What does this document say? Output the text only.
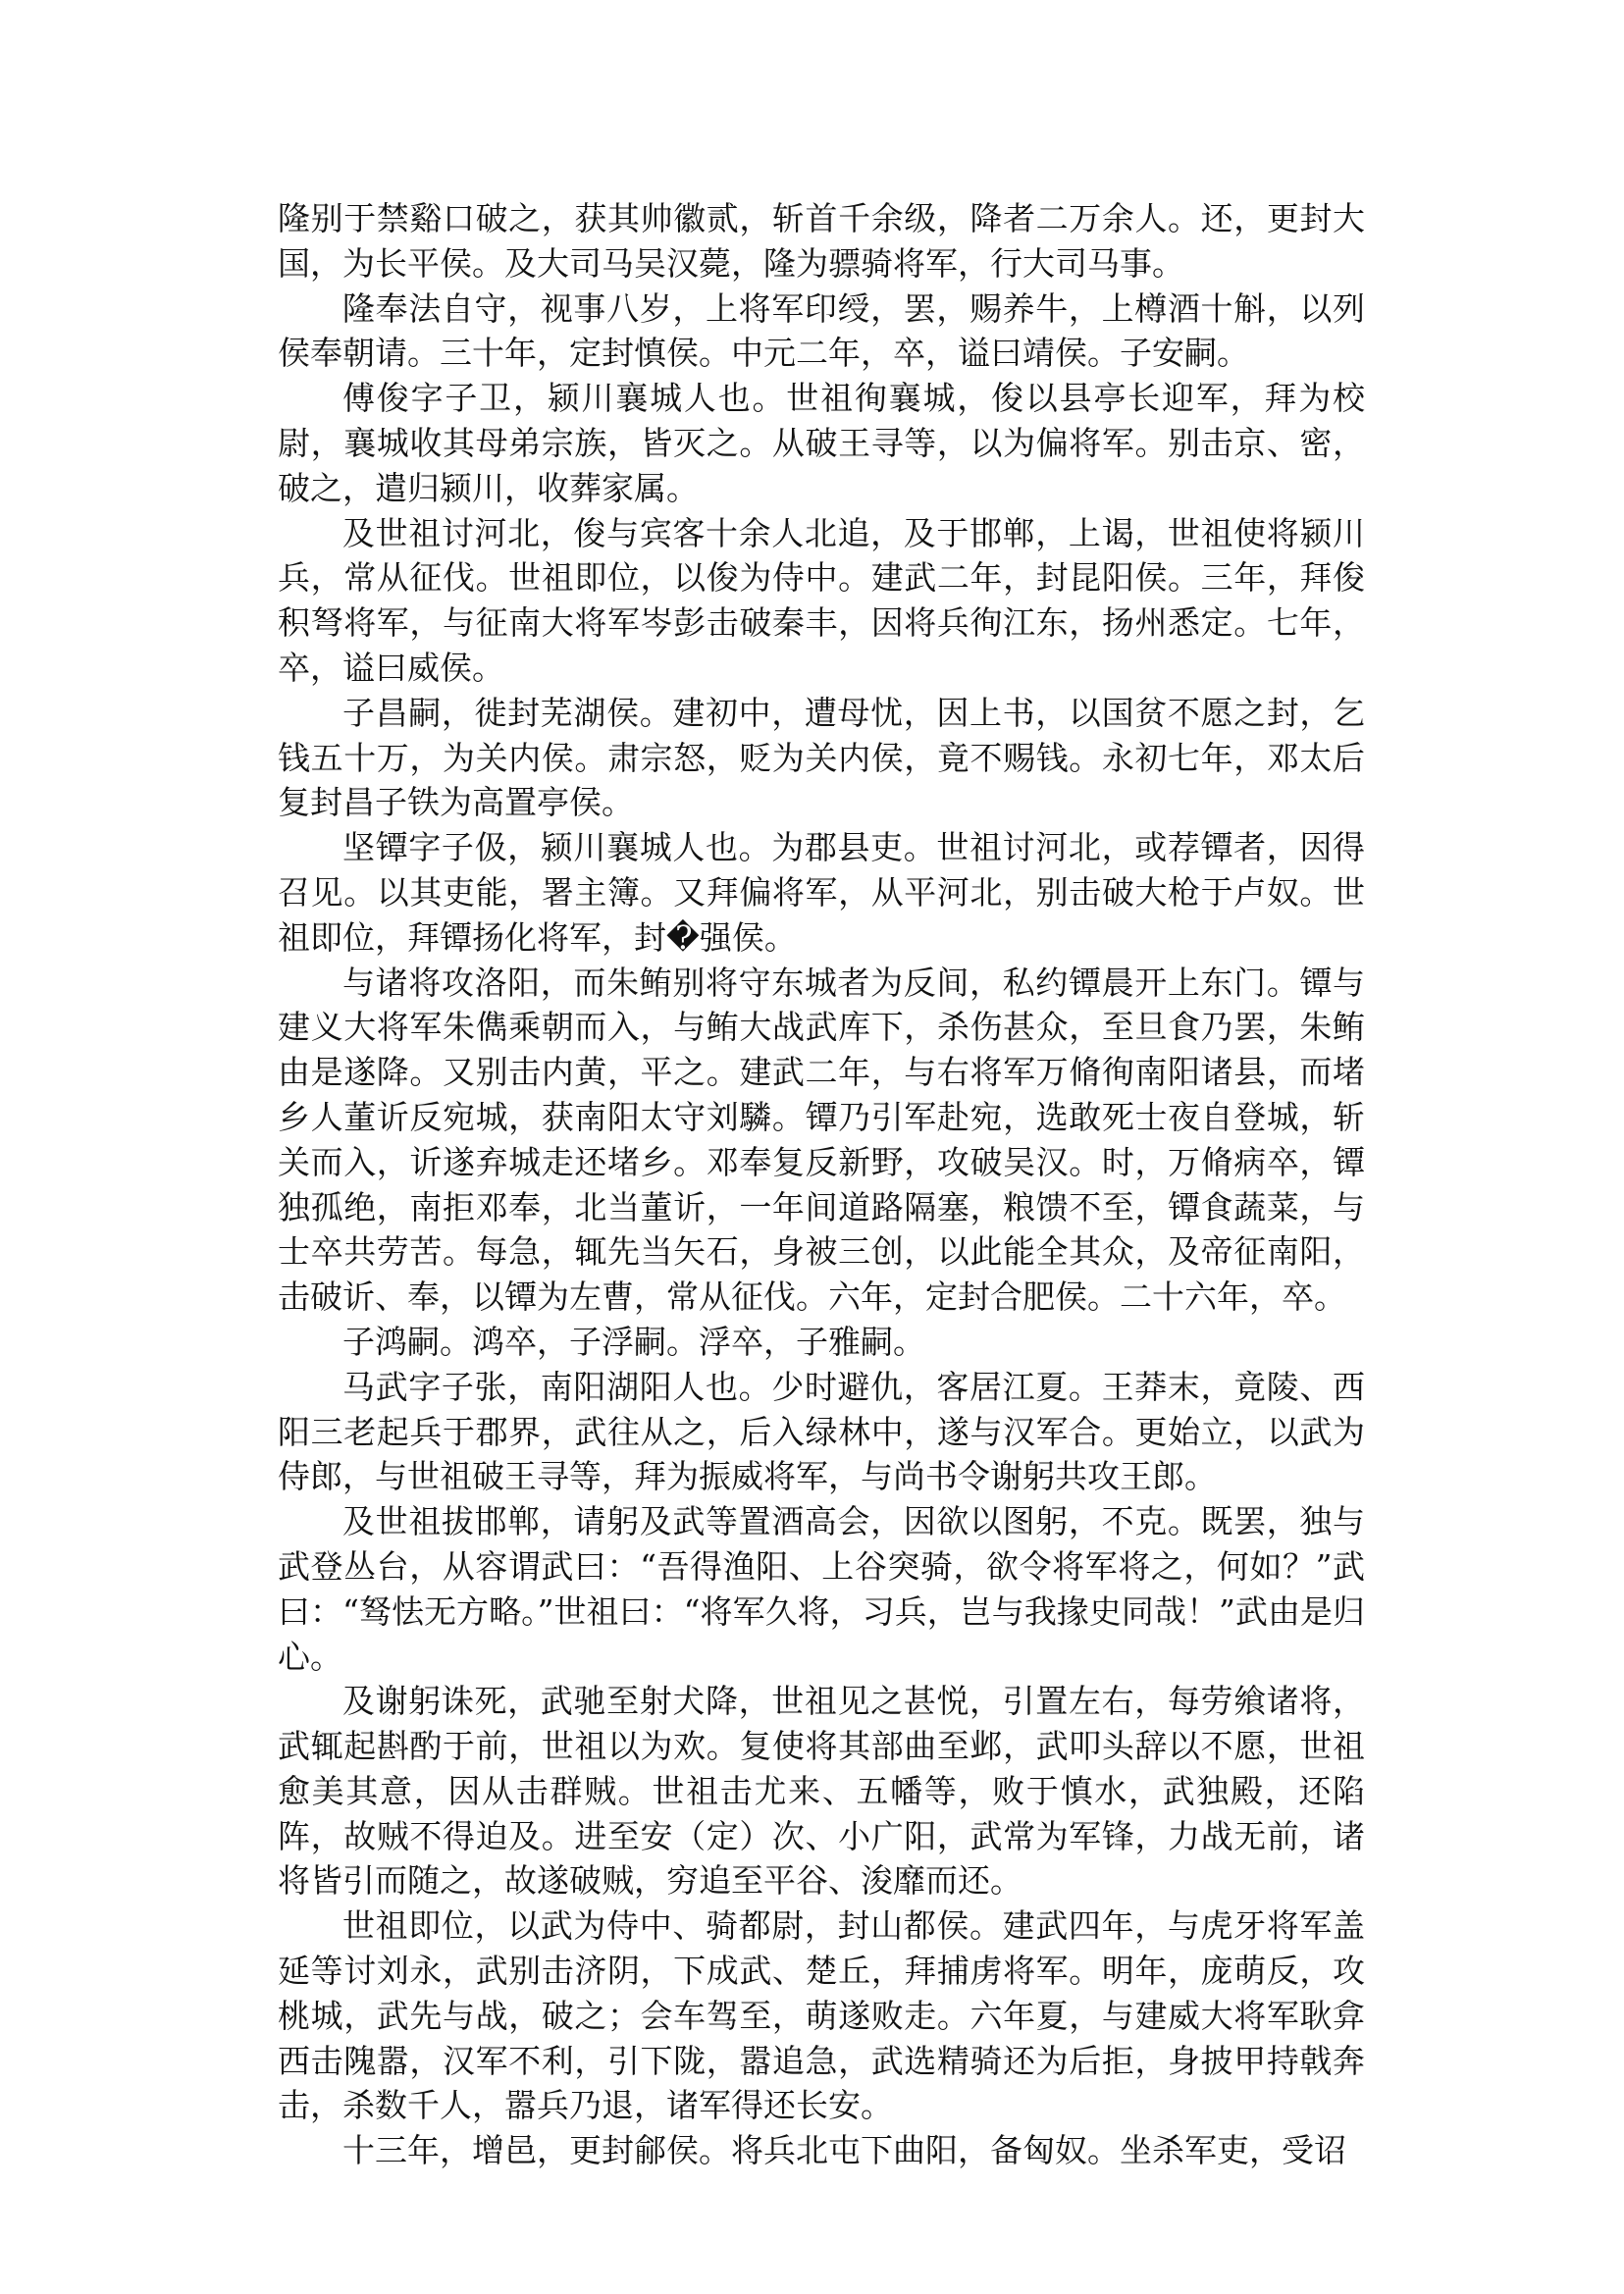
隆别于禁谿口破之，获其帅徽贰，斩首千余级，降者二万余人。还，更封大国，为长平侯。及大司马吴汉薨，隆为骠骑将军，行大司马事。

隆奉法自守，视事八岁，上将军印绶，罢，赐养牛，上樽酒十斛，以列侯奉朝请。三十年，定封慎侯。中元二年，卒，谥曰靖侯。子安嗣。

傅俊字子卫，颍川襄城人也。世祖徇襄城，俊以县亭长迎军，拜为校尉，襄城收其母弟宗族，皆灭之。从破王寻等，以为偏将军。别击京、密，破之，遣归颍川，收葬家属。

及世祖讨河北，俊与宾客十余人北追，及于邯郸，上谒，世祖使将颍川兵，常从征伐。世祖即位，以俊为侍中。建武二年，封昆阳侯。三年，拜俊积弩将军，与征南大将军岑彭击破秦丰，因将兵徇江东，扬州悉定。七年，卒，谥曰威侯。

子昌嗣，徙封芜湖侯。建初中，遭母忧，因上书，以国贫不愿之封，乞钱五十万，为关内侯。肃宗怒，贬为关内侯，竟不赐钱。永初七年，邓太后复封昌子铁为高置亭侯。

坚镡字子伋，颍川襄城人也。为郡县吏。世祖讨河北，或荐镡者，因得召见。以其吏能，署主簿。又拜偏将军，从平河北，别击破大枪于卢奴。世祖即位，拜镡扬化将军，封�强侯。

与诸将攻洛阳，而朱鲔别将守东城者为反间，私约镡晨开上东门。镡与建义大将军朱儁乘朝而入，与鲔大战武库下，杀伤甚众，至旦食乃罢，朱鲔由是遂降。又别击内黄，平之。建武二年，与右将军万脩徇南阳诸县，而堵乡人董䜣反宛城，获南阳太守刘驎。镡乃引军赴宛，选敢死士夜自登城，斩关而入，䜣遂弃城走还堵乡。邓奉复反新野，攻破吴汉。时，万脩病卒，镡独孤绝，南拒邓奉，北当董䜣，一年间道路隔塞，粮馈不至，镡食蔬菜，与士卒共劳苦。每急，辄先当矢石，身被三创，以此能全其众，及帝征南阳，击破䜣、奉，以镡为左曹，常从征伐。六年，定封合肥侯。二十六年，卒。

子鸿嗣。鸿卒，子浮嗣。浮卒，子雅嗣。

马武字子张，南阳湖阳人也。少时避仇，客居江夏。王莽末，竟陵、西阳三老起兵于郡界，武往从之，后入绿林中，遂与汉军合。更始立，以武为侍郎，与世祖破王寻等，拜为振威将军，与尚书令谢躬共攻王郎。

及世祖拔邯郸，请躬及武等置酒高会，因欲以图躬，不克。既罢，独与武登丛台，从容谓武曰：“吾得渔阳、上谷突骑，欲令将军将之，何如？”武曰：“驽怯无方略。”世祖曰：“将军久将，习兵，岂与我掾史同哉！”武由是归心。

及谢躬诛死，武驰至射犬降，世祖见之甚悦，引置左右，每劳飨诸将，武辄起斟酌于前，世祖以为欢。复使将其部曲至邺，武叩头辞以不愿，世祖愈美其意，因从击群贼。世祖击尤来、五幡等，败于慎水，武独殿，还陷阵，故贼不得迫及。进至安（定）次、小广阳，武常为军锋，力战无前，诸将皆引而随之，故遂破贼，穷追至平谷、浚靡而还。

世祖即位，以武为侍中、骑都尉，封山都侯。建武四年，与虎牙将军盖延等讨刘永，武别击济阴，下成武、楚丘，拜捕虏将军。明年，庞萌反，攻桃城，武先与战，破之；会车驾至，萌遂败走。六年夏，与建威大将军耿弇西击隗嚣，汉军不利，引下陇，嚣追急，武选精骑还为后拒，身披甲持戟奔击，杀数千人，嚣兵乃退，诸军得还长安。

十三年，增邑，更封鄃侯。将兵北屯下曲阳，备匈奴。坐杀军吏，受诏
